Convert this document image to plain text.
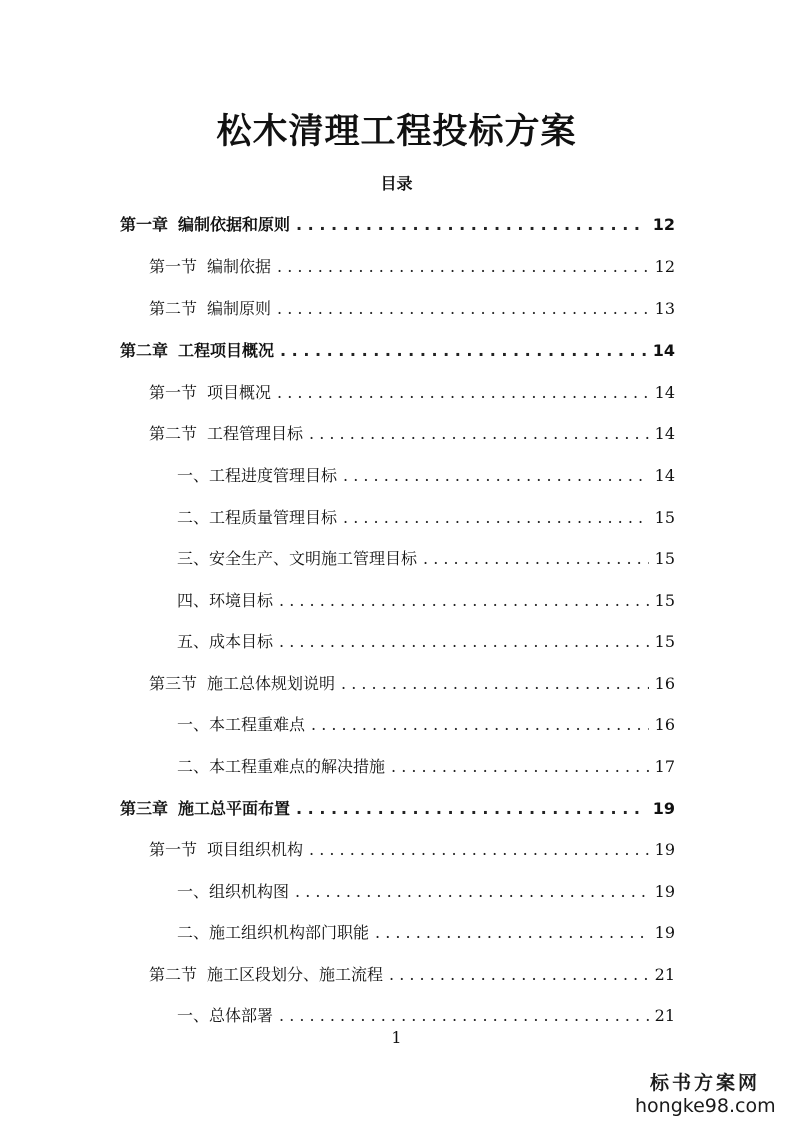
松木清理工程投标方案
目录
第一章 编制依据和原则 . . .	12
第一节 编制依据 . . .	12
第二节 编制原则 . . .	13
第二章 工程项目概况 . . .	14
第一节 项目概况 . . .	14
第二节 工程管理目标 . . .	14
一、工程进度管理目标 . . .	14
二、工程质量管理目标 . . .	15
三、安全生产、文明施工管理目标 . . .	15
四、环境目标 . . .	15
五、成本目标 . . .	15
第三节 施工总体规划说明 . . .	16
一、本工程重难点 . . .	16
二、本工程重难点的解决措施 . . .	17
第三章 施工总平面布置 . . .	19
第一节 项目组织机构 . . .	19
一、组织机构图 . . .	19
二、施工组织机构部门职能 . . .	19
第二节 施工区段划分、施工流程 . . .	21
一、总体部署 . . .	21
1
标书方案网
hongke98.com
